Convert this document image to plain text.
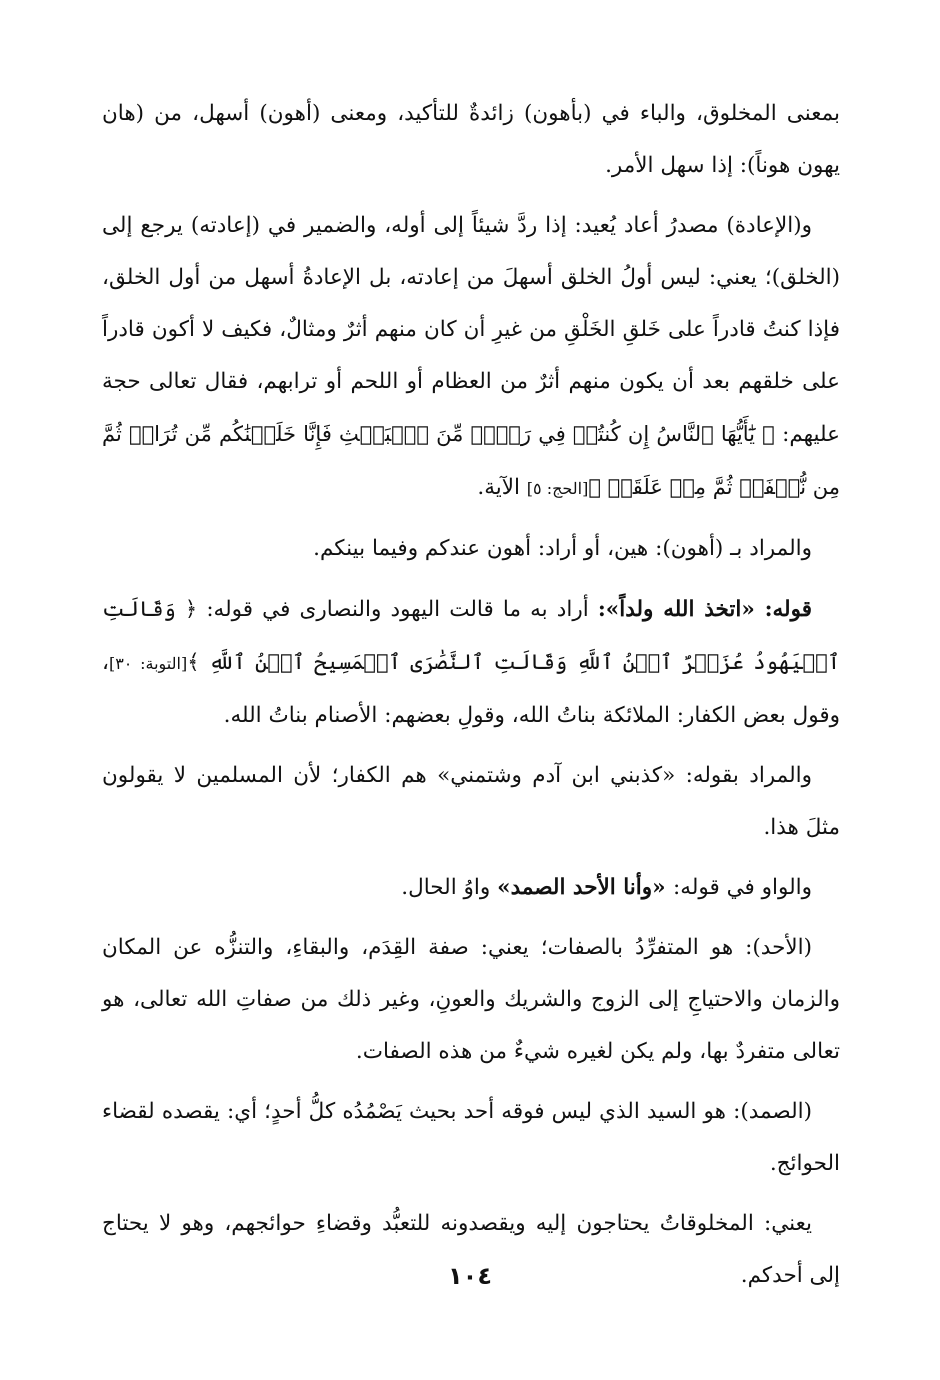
بمعنى المخلوق، والباء في (بأهون) زائدةٌ للتأكيد، ومعنى (أهون) أسهل، من (هان يهون هوناً): إذا سهل الأمر.

و(الإعادة) مصدرُ أعاد يُعيد: إذا ردَّ شيئاً إلى أوله، والضمير في (إعادته) يرجع إلى (الخلق)؛ يعني: ليس أولُ الخلق أسهلَ من إعادته، بل الإعادةُ أسهل من أول الخلق، فإذا كنتُ قادراً على خَلقِ الخَلْقِ من غيرِ أن كان منهم أثرٌ ومثالٌ، فكيف لا أكون قادراً على خلقهم بعد أن يكون منهم أثرٌ من العظام أو اللحم أو ترابهم، فقال تعالى حجة عليهم: ﴿ يَٰٓأَيُّهَا ٱلنَّاسُ إِن كُنتُمۡ فِي رَيۡبٖ مِّنَ ٱلۡبَعۡثِ فَإِنَّا خَلَقۡنَٰكُم مِّن تُرَابٖ ثُمَّ مِن نُّطۡفَةٖ ثُمَّ مِنۡ عَلَقَةٖ ﴾[الحج: ٥] الآية.

والمراد بـ (أهون): هين، أو أراد: أهون عندكم وفيما بينكم.

قوله: «اتخذ الله ولداً»: أراد به ما قالت اليهود والنصارى في قوله: ﴿ وَقَالَتِ ٱلۡيَهُودُ عُزَيۡرٌ ٱبۡنُ ٱللَّهِ وَقَالَتِ ٱلنَّصَٰرَى ٱلۡمَسِيحُ ٱبۡنُ ٱللَّهِ ﴾[التوبة: ٣٠]، وقول بعض الكفار: الملائكة بناتُ الله، وقولِ بعضهم: الأصنام بناتُ الله.

والمراد بقوله: «كذبني ابن آدم وشتمني» هم الكفار؛ لأن المسلمين لا يقولون مثلَ هذا.

والواو في قوله: «وأنا الأحد الصمد» واوُ الحال.

(الأحد): هو المتفرِّدُ بالصفات؛ يعني: صفة القِدَم، والبقاءِ، والتنزُّه عن المكان والزمان والاحتياجِ إلى الزوج والشريك والعونِ، وغير ذلك من صفاتِ الله تعالى، هو تعالى متفردٌ بها، ولم يكن لغيره شيءٌ من هذه الصفات.

(الصمد): هو السيد الذي ليس فوقه أحد بحيث يَصْمُدُه كلُّ أحدٍ؛ أي: يقصده لقضاء الحوائج.

يعني: المخلوقاتُ يحتاجون إليه ويقصدونه للتعبُّد وقضاءِ حوائجهم، وهو لا يحتاج إلى أحدكم.

١٠٤
